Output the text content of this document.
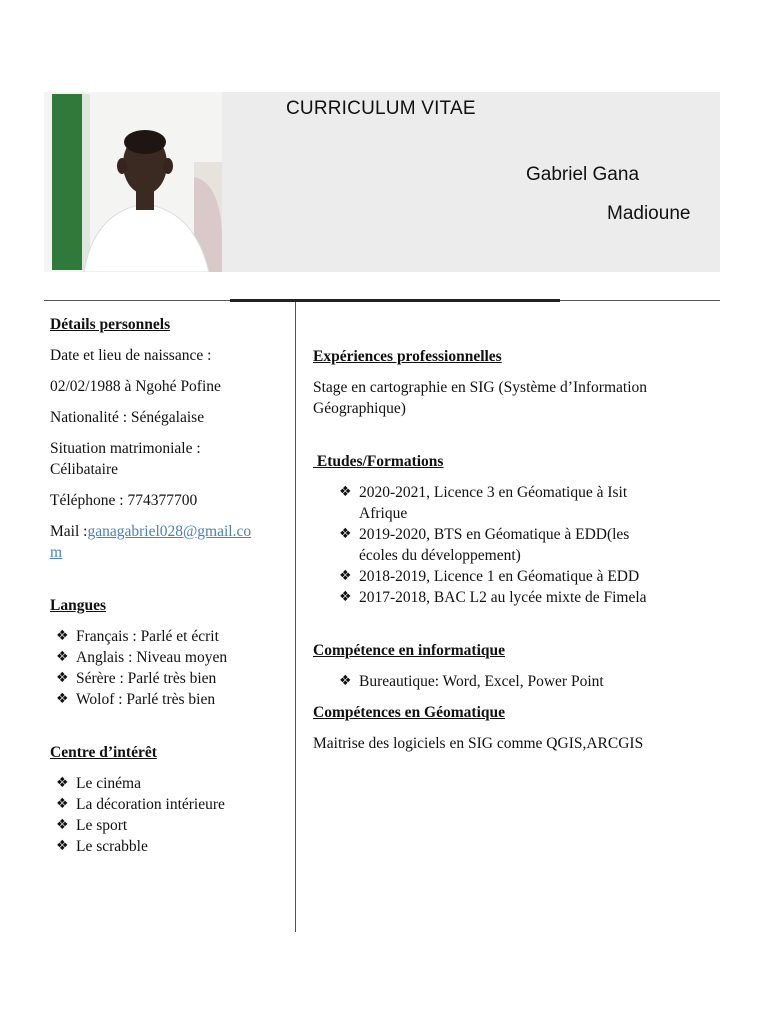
CURRICULUM VITAE
Gabriel Gana
Madioune

Détails personnels

Date et lieu de naissance :

02/02/1988 à Ngohé Pofine

Nationalité : Sénégalaise

Situation matrimoniale :

Célibataire

Téléphone : 774377700

Mail :ganagabriel028@gmail.co

m

Langues

❖ Français : Parlé et écrit
❖ Anglais : Niveau moyen
❖ Sérère : Parlé très bien
❖ Wolof : Parlé très bien

Centre d’intérêt

❖ Le cinéma
❖ La décoration intérieure
❖ Le sport
❖ Le scrabble

Expériences professionnelles

Stage en cartographie en SIG (Système d’Information

Géographique)

Etudes/Formations

❖ 2020-2021, Licence 3 en Géomatique à Isit
Afrique
❖ 2019-2020, BTS en Géomatique à EDD(les
écoles du développement)
❖ 2018-2019, Licence 1 en Géomatique à EDD
❖ 2017-2018, BAC L2 au lycée mixte de Fimela

Compétence en informatique

❖ Bureautique: Word, Excel, Power Point

Compétences en Géomatique

Maitrise des logiciels en SIG comme QGIS,ARCGIS
